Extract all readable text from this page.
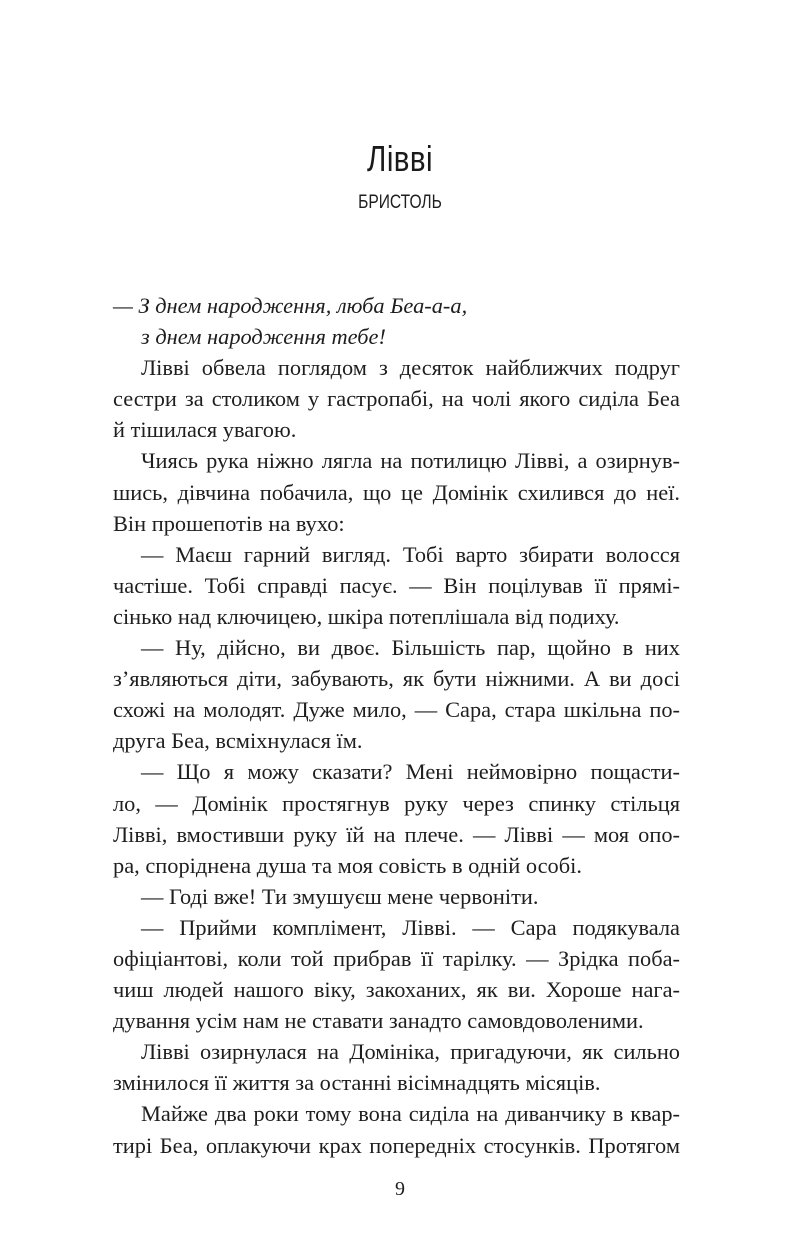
Лівві
БРИСТОЛЬ
— З днем народження, люба Беа-а-а,
з днем народження тебе!
Лівві обвела поглядом з десяток найближчих подруг
сестри за столиком у гастропабі, на чолі якого сиділа Беа
й тішилася увагою.
Чиясь рука ніжно лягла на потилицю Лівві, а озирнув-
шись, дівчина побачила, що це Домінік схилився до неї.
Він прошепотів на вухо:
— Маєш гарний вигляд. Тобі варто збирати волосся
частіше. Тобі справді пасує. — Він поцілував її прямі-
сінько над ключицею, шкіра потеплішала від подиху.
— Ну, дійсно, ви двоє. Більшість пар, щойно в них
з’являються діти, забувають, як бути ніжними. А ви досі
схожі на молодят. Дуже мило, — Сара, стара шкільна по-
друга Беа, всміхнулася їм.
— Що я можу сказати? Мені неймовірно пощасти-
ло, — Домінік простягнув руку через спинку стільця
Лівві, вмостивши руку їй на плече. — Лівві — моя опо-
ра, споріднена душа та моя совість в одній особі.
— Годі вже! Ти змушуєш мене червоніти.
— Прийми комплімент, Лівві. — Сара подякувала
офіціантові, коли той прибрав її тарілку. — Зрідка поба-
чиш людей нашого віку, закоханих, як ви. Хороше нага-
дування усім нам не ставати занадто самовдоволеними.
Лівві озирнулася на Домініка, пригадуючи, як сильно
змінилося її життя за останні вісімнадцять місяців.
Майже два роки тому вона сиділа на диванчику в квар-
тирі Беа, оплакуючи крах попередніх стосунків. Протягом
9
